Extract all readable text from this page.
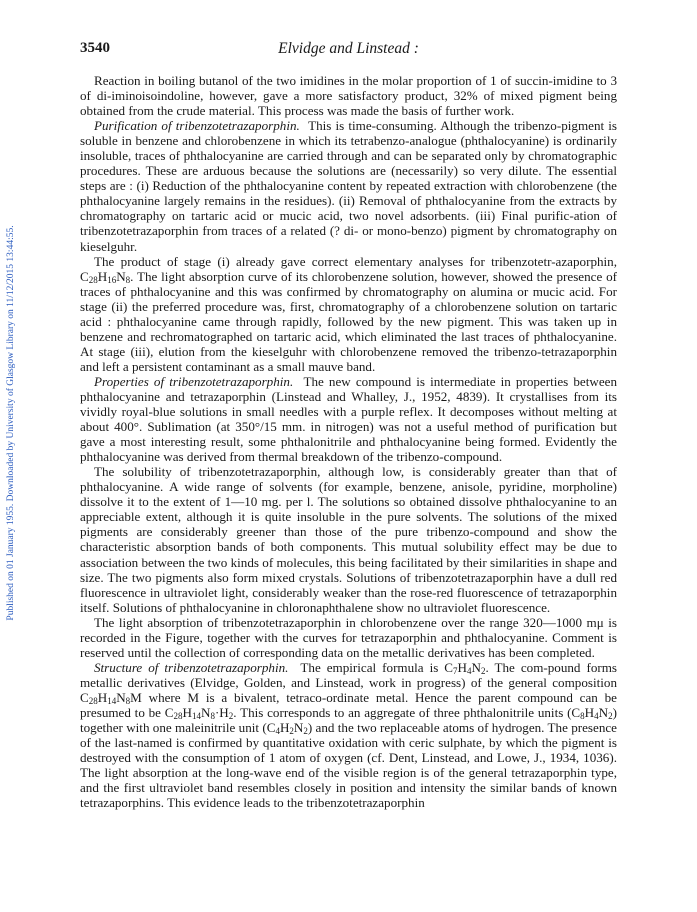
Published on 01 January 1955. Downloaded by University of Glasgow Library on 11/12/2015 13:44:55.
3540	Elvidge and Linstead :

Reaction in boiling butanol of the two imidines in the molar proportion of 1 of succin-imidine to 3 of di-iminoisoindoline, however, gave a more satisfactory product, 32% of mixed pigment being obtained from the crude material. This process was made the basis of further work.

Purification of tribenzotetrazaporphin. This is time-consuming. Although the tribenzo-pigment is soluble in benzene and chlorobenzene in which its tetrabenzo-analogue (phthalocyanine) is ordinarily insoluble, traces of phthalocyanine are carried through and can be separated only by chromatographic procedures. These are arduous because the solutions are (necessarily) so very dilute. The essential steps are : (i) Reduction of the phthalocyanine content by repeated extraction with chlorobenzene (the phthalocyanine largely remains in the residues). (ii) Removal of phthalocyanine from the extracts by chromatography on tartaric acid or mucic acid, two novel adsorbents. (iii) Final purific-ation of tribenzotetrazaporphin from traces of a related (? di- or mono-benzo) pigment by chromatography on kieselguhr.

The product of stage (i) already gave correct elementary analyses for tribenzotetr-azaporphin, $C_{28}H_{16}N_8$. The light absorption curve of its chlorobenzene solution, however, showed the presence of traces of phthalocyanine and this was confirmed by chromatography on alumina or mucic acid. For stage (ii) the preferred procedure was, first, chromatography of a chlorobenzene solution on tartaric acid : phthalocyanine came through rapidly, followed by the new pigment. This was taken up in benzene and rechromatographed on tartaric acid, which eliminated the last traces of phthalocyanine. At stage (iii), elution from the kieselguhr with chlorobenzene removed the tribenzo-tetrazaporphin and left a persistent contaminant as a small mauve band.

Properties of tribenzotetrazaporphin. The new compound is intermediate in properties between phthalocyanine and tetrazaporphin (Linstead and Whalley, J., 1952, 4839). It crystallises from its vividly royal-blue solutions in small needles with a purple reflex. It decomposes without melting at about 400°. Sublimation (at 350°/15 mm. in nitrogen) was not a useful method of purification but gave a most interesting result, some phthalonitrile and phthalocyanine being formed. Evidently the phthalocyanine was derived from thermal breakdown of the tribenzo-compound.

The solubility of tribenzotetrazaporphin, although low, is considerably greater than that of phthalocyanine. A wide range of solvents (for example, benzene, anisole, pyridine, morpholine) dissolve it to the extent of 1—10 mg. per l. The solutions so obtained dissolve phthalocyanine to an appreciable extent, although it is quite insoluble in the pure solvents. The solutions of the mixed pigments are considerably greener than those of the pure tribenzo-compound and show the characteristic absorption bands of both components. This mutual solubility effect may be due to association between the two kinds of molecules, this being facilitated by their similarities in shape and size. The two pigments also form mixed crystals. Solutions of tribenzotetrazaporphin have a dull red fluorescence in ultraviolet light, considerably weaker than the rose-red fluorescence of tetrazaporphin itself. Solutions of phthalocyanine in chloronaphthalene show no ultraviolet fluorescence.

The light absorption of tribenzotetrazaporphin in chlorobenzene over the range 320—1000 mμ is recorded in the Figure, together with the curves for tetrazaporphin and phthalocyanine. Comment is reserved until the collection of corresponding data on the metallic derivatives has been completed.

Structure of tribenzotetrazaporphin. The empirical formula is $C_7H_4N_2$. The com-pound forms metallic derivatives (Elvidge, Golden, and Linstead, work in progress) of the general composition $C_{28}H_{14}N_8M$ where M is a bivalent, tetraco-ordinate metal. Hence the parent compound can be presumed to be $C_{28}H_{14}N_8\cdot H_2$. This corresponds to an aggregate of three phthalonitrile units $(C_8H_4N_2)$ together with one maleinitrile unit $(C_4H_2N_2)$ and the two replaceable atoms of hydrogen. The presence of the last-named is confirmed by quantitative oxidation with ceric sulphate, by which the pigment is destroyed with the consumption of 1 atom of oxygen (cf. Dent, Linstead, and Lowe, J., 1934, 1036). The light absorption at the long-wave end of the visible region is of the general tetrazaporphin type, and the first ultraviolet band resembles closely in position and intensity the similar bands of known tetrazaporphins. This evidence leads to the tribenzotetrazaporphin
